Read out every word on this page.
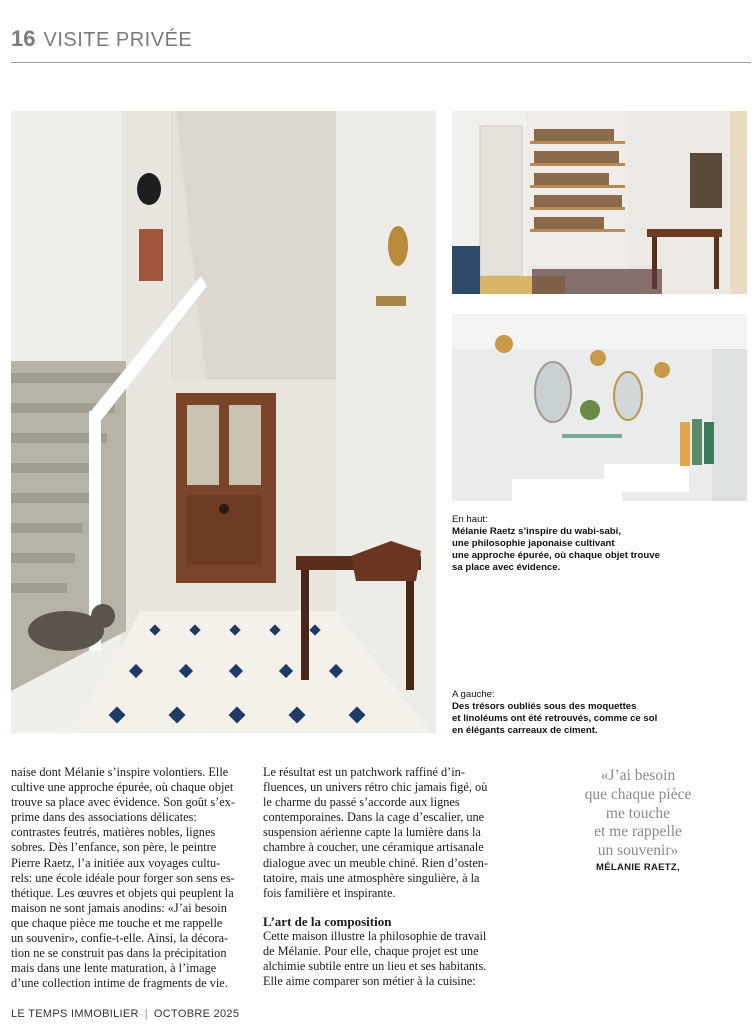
16 VISITE PRIVÉE
En haut:
Mélanie Raetz s’inspire du wabi-sabi,
une philosophie japonaise cultivant
une approche épurée, où chaque objet trouve
sa place avec évidence.
A gauche:
Des trésors oubliés sous des moquettes
et linoléums ont été retrouvés, comme ce sol
en élégants carreaux de ciment.
naise dont Mélanie s’inspire volontiers. Elle
cultive une approche épurée, où chaque objet
trouve sa place avec évidence. Son goût s’ex-
prime dans des associations délicates:
contrastes feutrés, matières nobles, lignes
sobres. Dès l’enfance, son père, le peintre
Pierre Raetz, l’a initiée aux voyages cultu-
rels: une école idéale pour forger son sens es-
thétique. Les œuvres et objets qui peuplent la
maison ne sont jamais anodins: «J’ai besoin
que chaque pièce me touche et me rappelle
un souvenir», confie-t-elle. Ainsi, la décora-
tion ne se construit pas dans la précipitation
mais dans une lente maturation, à l’image
d’une collection intime de fragments de vie.
Le résultat est un patchwork raffiné d’in-
fluences, un univers rétro chic jamais figé, où
le charme du passé s’accorde aux lignes
contemporaines. Dans la cage d’escalier, une
suspension aérienne capte la lumière dans la
chambre à coucher, une céramique artisanale
dialogue avec un meuble chiné. Rien d’osten-
tatoire, mais une atmosphère singulière, à la
fois familière et inspirante.
L’art de la composition
Cette maison illustre la philosophie de travail
de Mélanie. Pour elle, chaque projet est une
alchimie subtile entre un lieu et ses habitants.
Elle aime comparer son métier à la cuisine:
«J’ai besoin
que chaque pièce
me touche
et me rappelle
un souvenir»
MÉLANIE RAETZ,
LE TEMPS IMMOBILIER | OCTOBRE 2025
